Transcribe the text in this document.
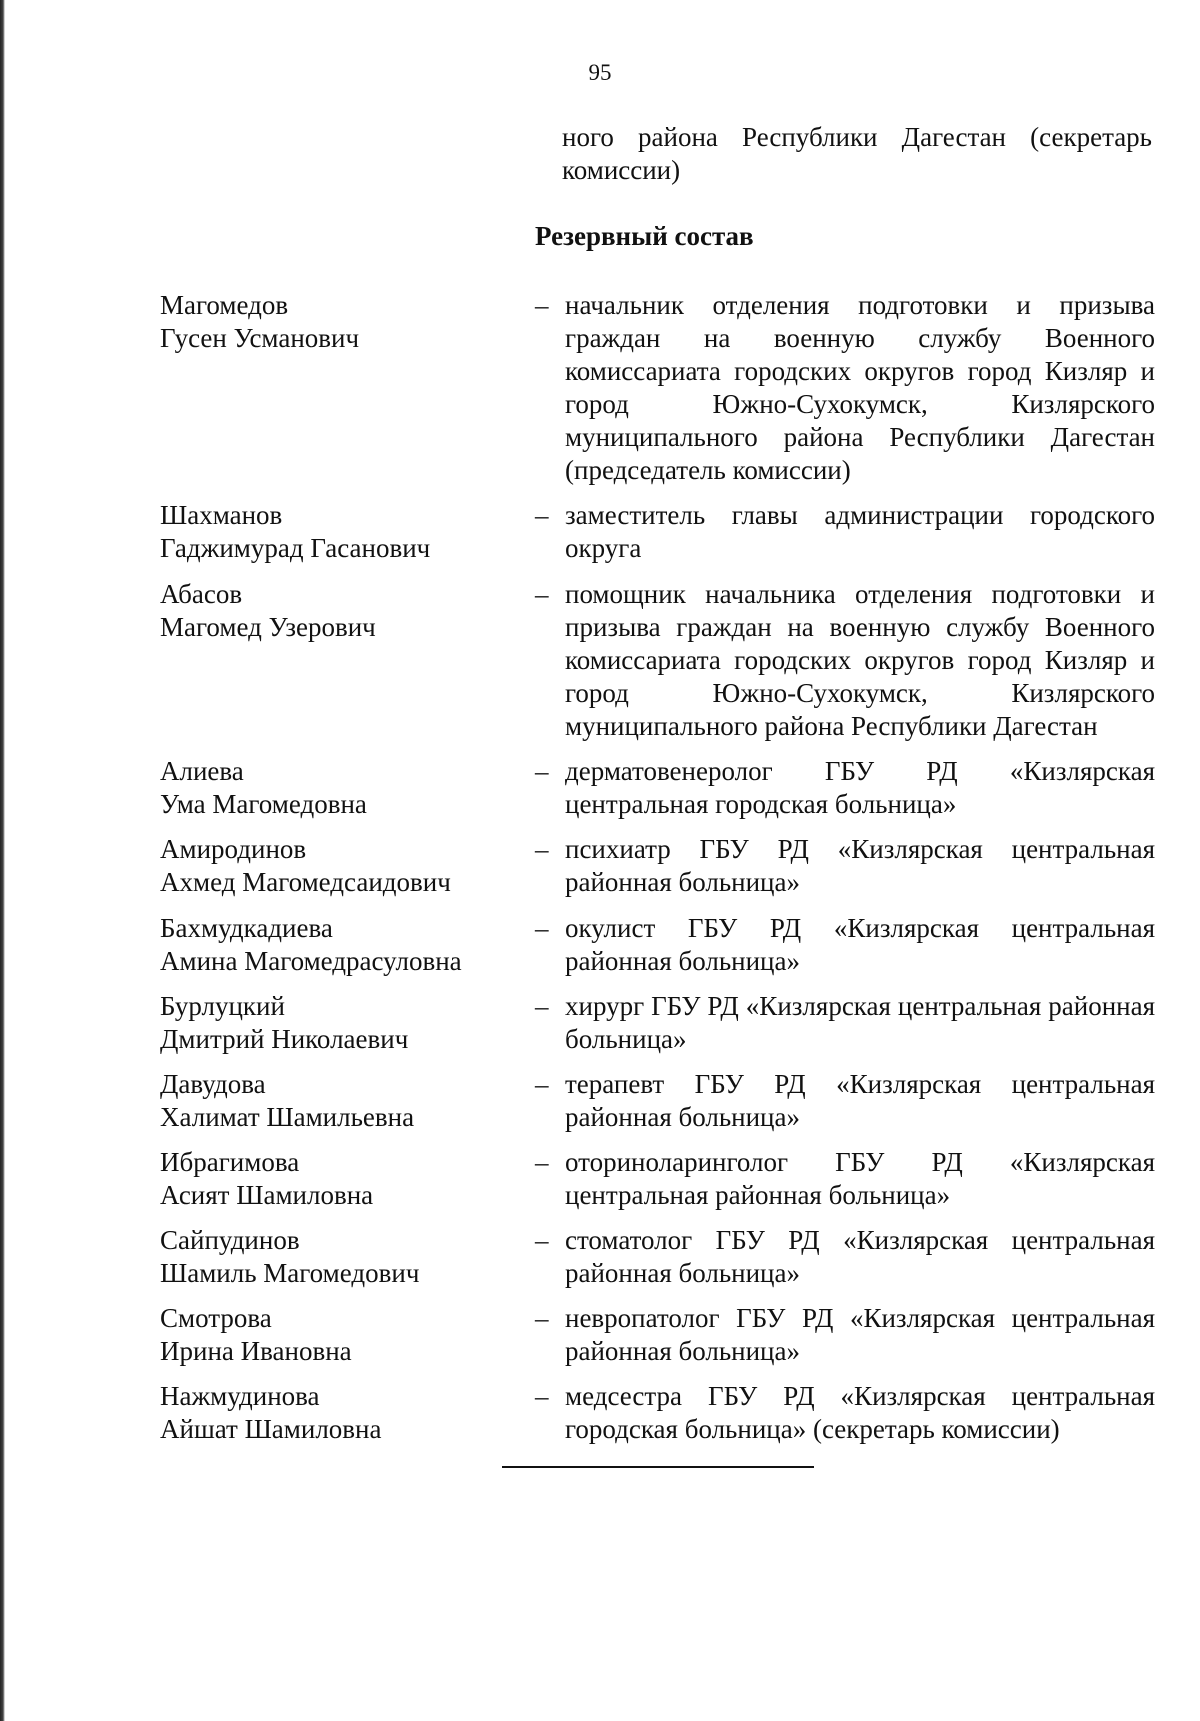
95
ного района Республики Дагестан (секретарь комиссии)
Резервный состав
Магомедов
Гусен Усманович
– начальник отделения подготовки и призыва граждан на военную службу Военного комиссариата городских округов город Кизляр и город Южно-Сухокумск, Кизлярского муниципального района Республики Дагестан (председатель комиссии)
Шахманов
Гаджимурад Гасанович
– заместитель главы администрации городского округа
Абасов
Магомед Узерович
– помощник начальника отделения подготовки и призыва граждан на военную службу Военного комиссариата городских округов город Кизляр и город Южно-Сухокумск, Кизлярского муниципального района Республики Дагестан
Алиева
Ума Магомедовна
– дерматовенеролог ГБУ РД «Кизлярская центральная городская больница»
Амиродинов
Ахмед Магомедсаидович
– психиатр ГБУ РД «Кизлярская центральная районная больница»
Бахмудкадиева
Амина Магомедрасуловна
– окулист ГБУ РД «Кизлярская центральная районная больница»
Бурлуцкий
Дмитрий Николаевич
– хирург ГБУ РД «Кизлярская центральная районная больница»
Давудова
Халимат Шамильевна
– терапевт ГБУ РД «Кизлярская центральная районная больница»
Ибрагимова
Асият Шамиловна
– оториноларинголог ГБУ РД «Кизлярская центральная районная больница»
Сайпудинов
Шамиль Магомедович
– стоматолог ГБУ РД «Кизлярская центральная районная больница»
Смотрова
Ирина Ивановна
– невропатолог ГБУ РД «Кизлярская центральная районная больница»
Нажмудинова
Айшат Шамиловна
– медсестра ГБУ РД «Кизлярская центральная городская больница» (секретарь комиссии)
